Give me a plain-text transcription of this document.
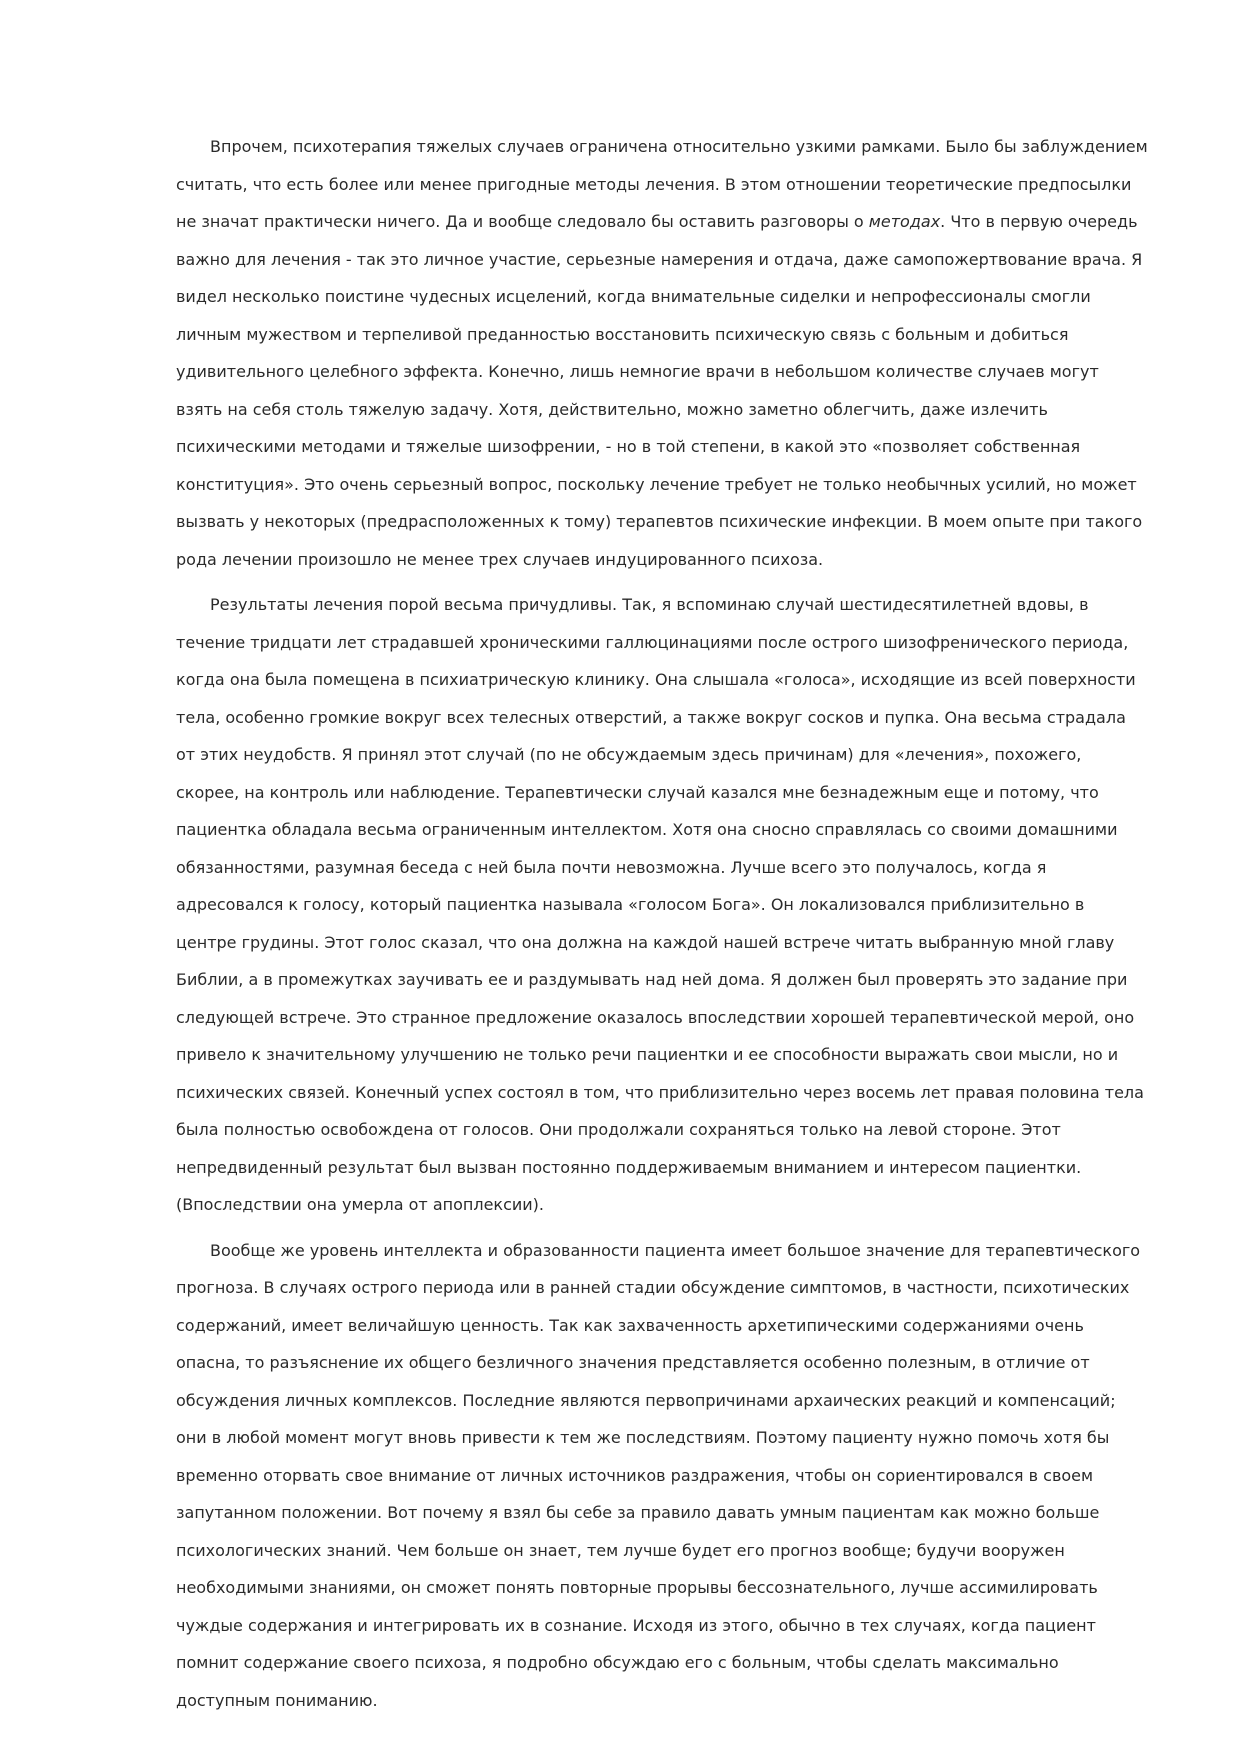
Впрочем, психотерапия тяжелых случаев ограничена относительно узкими рамками. Было бы заблуждением считать, что есть более или менее пригодные методы лечения. В этом отношении теоретические предпосылки не значат практически ничего. Да и вообще следовало бы оставить разговоры о методах. Что в первую очередь важно для лечения - так это личное участие, серьезные намерения и отдача, даже самопожертвование врача. Я видел несколько поистине чудесных исцелений, когда внимательные сиделки и непрофессионалы смогли личным мужеством и терпеливой преданностью восстановить психическую связь с больным и добиться удивительного целебного эффекта. Конечно, лишь немногие врачи в небольшом количестве случаев могут взять на себя столь тяжелую задачу. Хотя, действительно, можно заметно облегчить, даже излечить психическими методами и тяжелые шизофрении, - но в той степени, в какой это «позволяет собственная конституция». Это очень серьезный вопрос, поскольку лечение требует не только необычных усилий, но может вызвать у некоторых (предрасположенных к тому) терапевтов психические инфекции. В моем опыте при такого рода лечении произошло не менее трех случаев индуцированного психоза.

Результаты лечения порой весьма причудливы. Так, я вспоминаю случай шестидесятилетней вдовы, в течение тридцати лет страдавшей хроническими галлюцинациями после острого шизофренического периода, когда она была помещена в психиатрическую клинику. Она слышала «голоса», исходящие из всей поверхности тела, особенно громкие вокруг всех телесных отверстий, а также вокруг сосков и пупка. Она весьма страдала от этих неудобств. Я принял этот случай (по не обсуждаемым здесь причинам) для «лечения», похожего, скорее, на контроль или наблюдение. Терапевтически случай казался мне безнадежным еще и потому, что пациентка обладала весьма ограниченным интеллектом. Хотя она сносно справлялась со своими домашними обязанностями, разумная беседа с ней была почти невозможна. Лучше всего это получалось, когда я адресовался к голосу, который пациентка называла «голосом Бога». Он локализовался приблизительно в центре грудины. Этот голос сказал, что она должна на каждой нашей встрече читать выбранную мной главу Библии, а в промежутках заучивать ее и раздумывать над ней дома. Я должен был проверять это задание при следующей встрече. Это странное предложение оказалось впоследствии хорошей терапевтической мерой, оно привело к значительному улучшению не только речи пациентки и ее способности выражать свои мысли, но и психических связей. Конечный успех состоял в том, что приблизительно через восемь лет правая половина тела была полностью освобождена от голосов. Они продолжали сохраняться только на левой стороне. Этот непредвиденный результат был вызван постоянно поддерживаемым вниманием и интересом пациентки. (Впоследствии она умерла от апоплексии).

Вообще же уровень интеллекта и образованности пациента имеет большое значение для терапевтического прогноза. В случаях острого периода или в ранней стадии обсуждение симптомов, в частности, психотических содержаний, имеет величайшую ценность. Так как захваченность архетипическими содержаниями очень опасна, то разъяснение их общего безличного значения представляется особенно полезным, в отличие от обсуждения личных комплексов. Последние являются первопричинами архаических реакций и компенсаций; они в любой момент могут вновь привести к тем же последствиям. Поэтому пациенту нужно помочь хотя бы временно оторвать свое внимание от личных источников раздражения, чтобы он сориентировался в своем запутанном положении. Вот почему я взял бы себе за правило давать умным пациентам как можно больше психологических знаний. Чем больше он знает, тем лучше будет его прогноз вообще; будучи вооружен необходимыми знаниями, он сможет понять повторные прорывы бессознательного, лучше ассимилировать чуждые содержания и интегрировать их в сознание. Исходя из этого, обычно в тех случаях, когда пациент помнит содержание своего психоза, я подробно обсуждаю его с больным, чтобы сделать максимально доступным пониманию.
